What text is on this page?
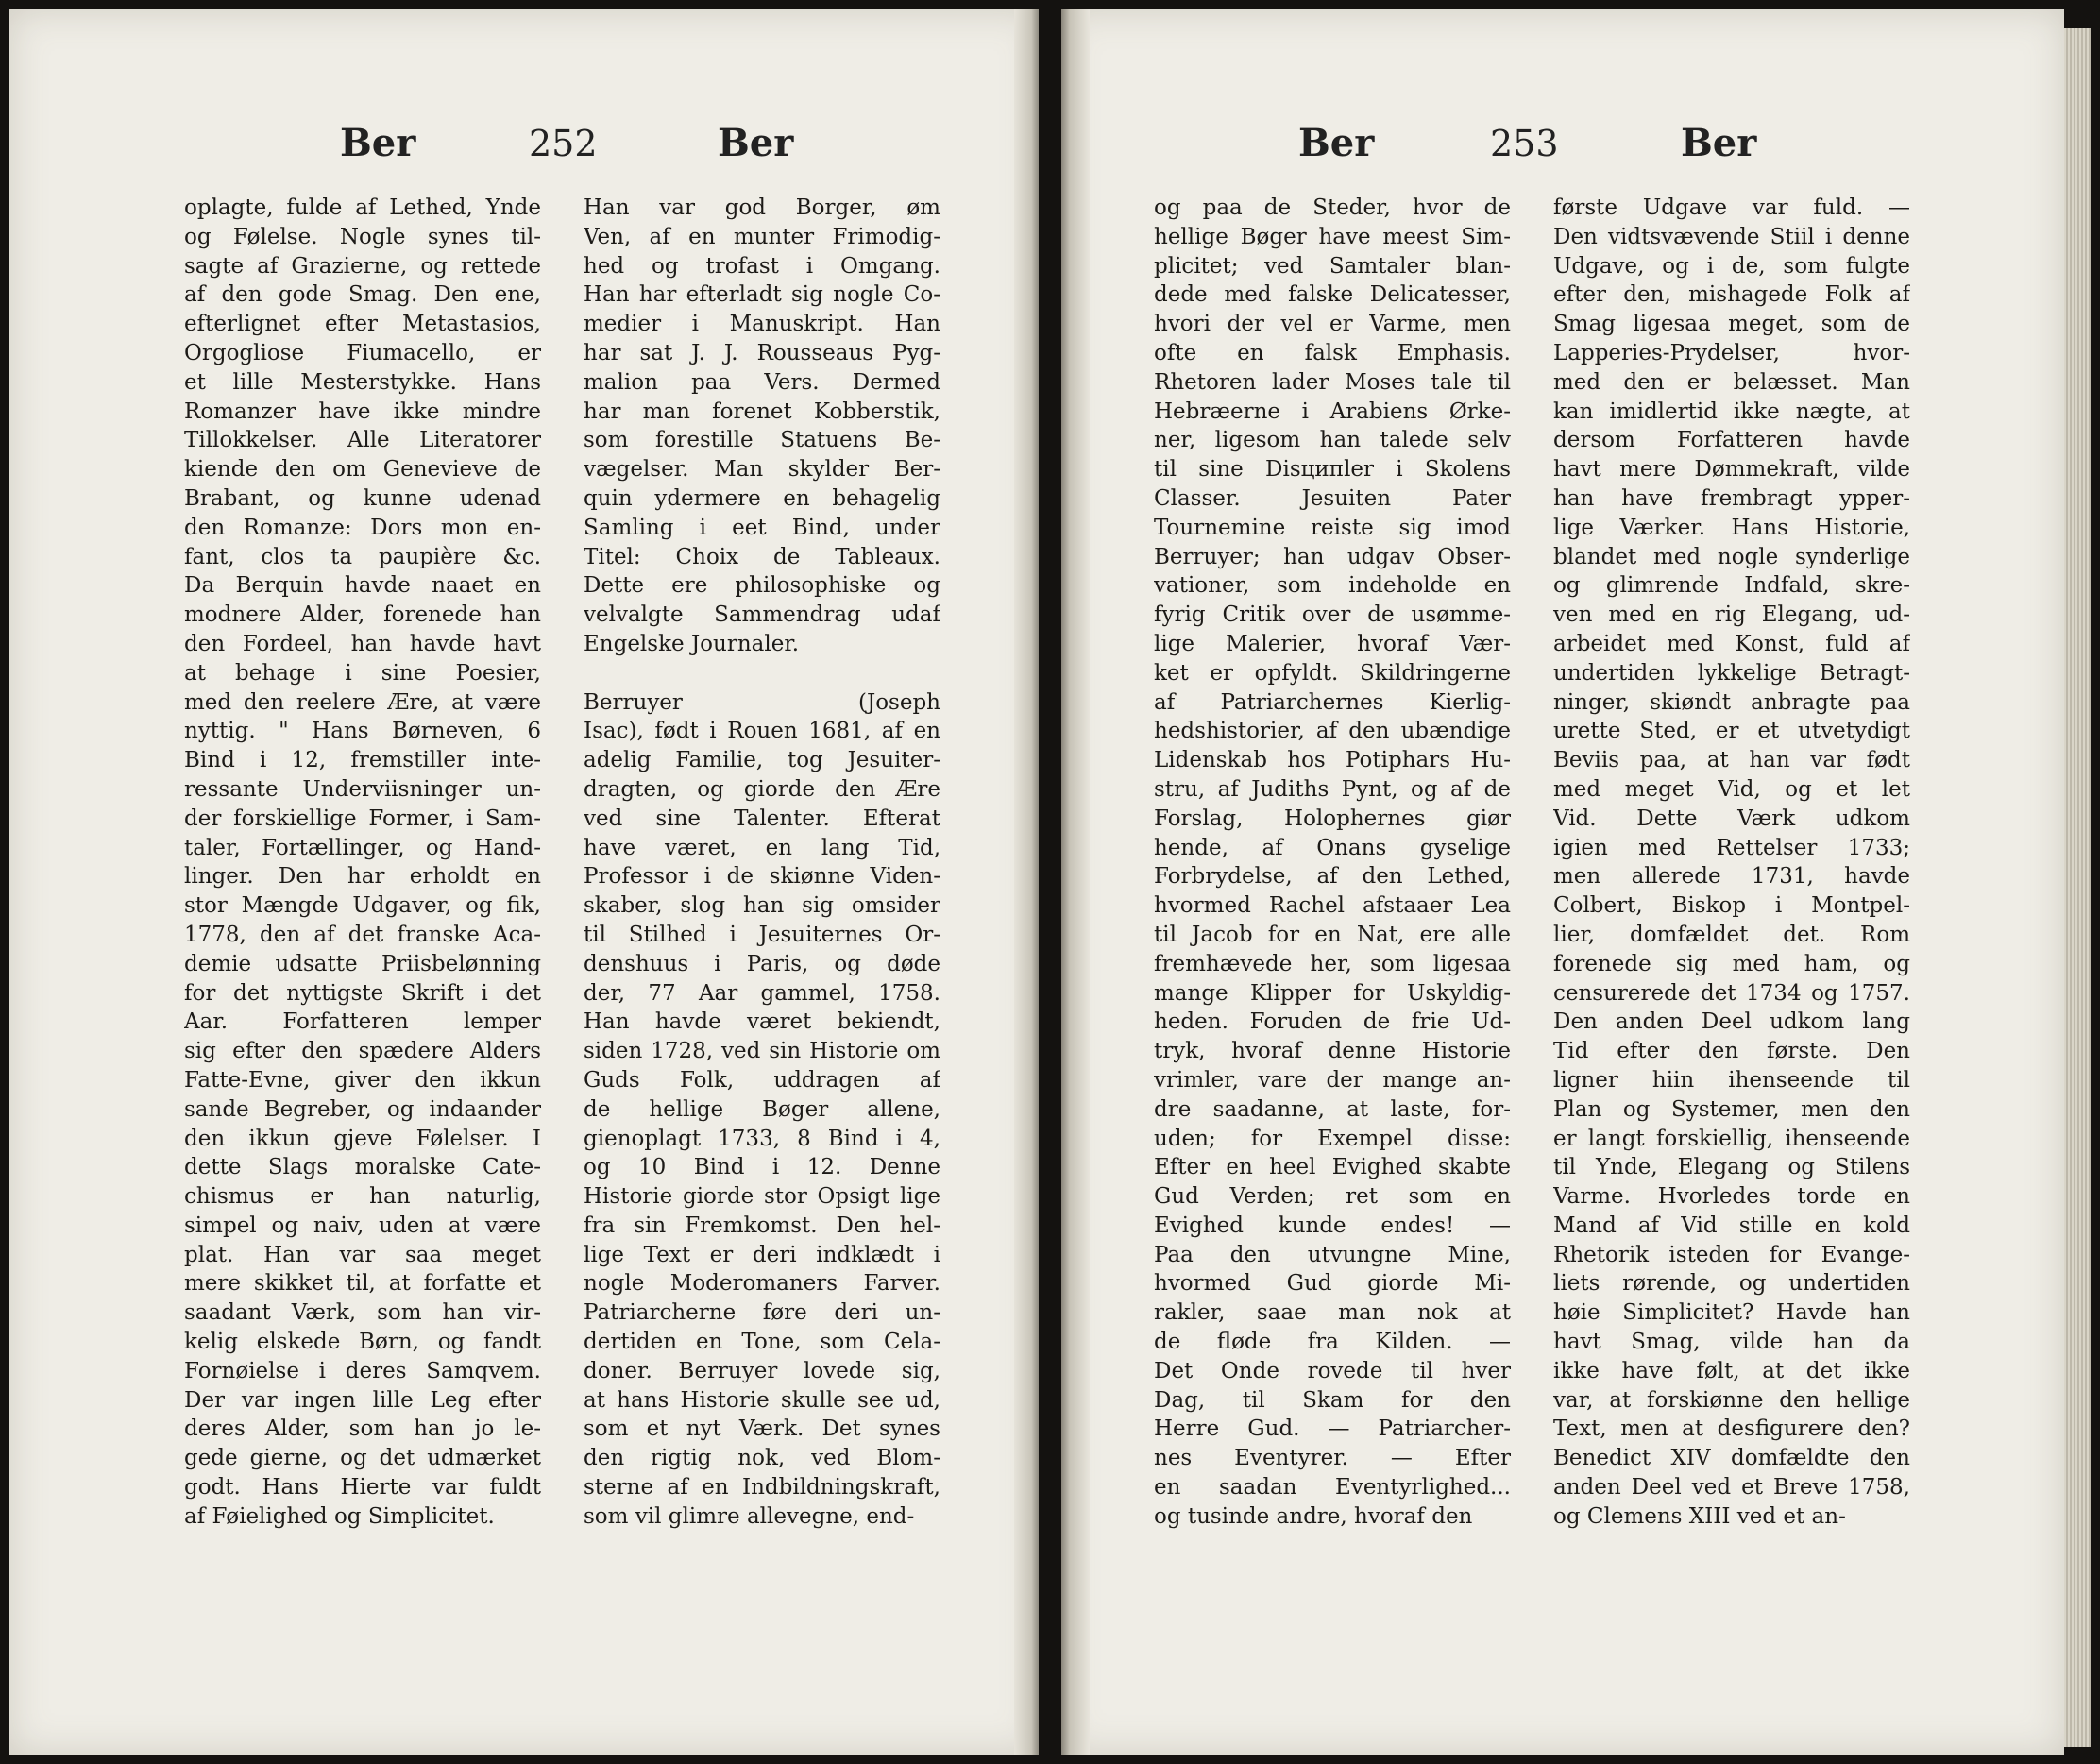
Ber	252	Ber	Ber	253	Ber
oplagte, fulde af Lethed, Ynde
og Følelse. Nogle synes til-
sagte af Grazierne, og rettede
af den gode Smag. Den ene,
efterlignet efter Metastasios,
Orgogliose Fiumacello, er
et lille Mesterstykke. Hans
Romanzer have ikke mindre
Tillokkelser. Alle Literatorer
kiende den om Genevieve de
Brabant, og kunne udenad
den Romanze: Dors mon en-
fant, clos ta paupière &c.
Da Berquin havde naaet en
modnere Alder, forenede han
den Fordeel, han havde havt
at behage i sine Poesier,
med den reelere Ære, at være
nyttig. " Hans Børneven, 6
Bind i 12, fremstiller inte-
ressante Underviisninger un-
der forskiellige Former, i Sam-
taler, Fortællinger, og Hand-
linger. Den har erholdt en
stor Mængde Udgaver, og fik,
1778, den af det franske Aca-
demie udsatte Priisbelønning
for det nyttigste Skrift i det
Aar. Forfatteren lemper
sig efter den spædere Alders
Fatte-Evne, giver den ikkun
sande Begreber, og indaander
den ikkun gjeve Følelser. I
dette Slags moralske Cate-
chismus er han naturlig,
simpel og naiv, uden at være
plat. Han var saa meget
mere skikket til, at forfatte et
saadant Værk, som han vir-
kelig elskede Børn, og fandt
Fornøielse i deres Samqvem.
Der var ingen lille Leg efter
deres Alder, som han jo le-
gede gierne, og det udmærket
godt. Hans Hierte var fuldt
af Føielighed og Simplicitet.
Han var god Borger, øm
Ven, af en munter Frimodig-
hed og trofast i Omgang.
Han har efterladt sig nogle Co-
medier i Manuskript. Han
har sat J. J. Rousseaus Pyg-
malion paa Vers. Dermed
har man forenet Kobberstik,
som forestille Statuens Be-
vægelser. Man skylder Ber-
quin ydermere en behagelig
Samling i eet Bind, under
Titel: Choix de Tableaux.
Dette ere philosophiske og
velvalgte Sammendrag udaf
Engelske Journaler.
Berruyer (Joseph
Isac), født i Rouen 1681, af en
adelig Familie, tog Jesuiter-
dragten, og giorde den Ære
ved sine Talenter. Efterat
have været, en lang Tid,
Professor i de skiønne Viden-
skaber, slog han sig omsider
til Stilhed i Jesuiternes Or-
denshuus i Paris, og døde
der, 77 Aar gammel, 1758.
Han havde været bekiendt,
siden 1728, ved sin Historie om
Guds Folk, uddragen af
de hellige Bøger allene,
gienoplagt 1733, 8 Bind i 4,
og 10 Bind i 12. Denne
Historie giorde stor Opsigt lige
fra sin Fremkomst. Den hel-
lige Text er deri indklædt i
nogle Moderomaners Farver.
Patriarcherne føre deri un-
dertiden en Tone, som Cela-
doner. Berruyer lovede sig,
at hans Historie skulle see ud,
som et nyt Værk. Det synes
den rigtig nok, ved Blom-
sterne af en Indbildningskraft,
som vil glimre allevegne, end-
og paa de Steder, hvor de
hellige Bøger have meest Sim-
plicitet; ved Samtaler blan-
dede med falske Delicatesser,
hvori der vel er Varme, men
ofte en falsk Emphasis.
Rhetoren lader Moses tale til
Hebræerne i Arabiens Ørke-
ner, ligesom han talede selv
til sine Disципler i Skolens
Classer. Jesuiten Pater
Tournemine reiste sig imod
Berruyer; han udgav Obser-
vationer, som indeholde en
fyrig Critik over de usømme-
lige Malerier, hvoraf Vær-
ket er opfyldt. Skildringerne
af Patriarchernes Kierlig-
hedshistorier, af den ubændige
Lidenskab hos Potiphars Hu-
stru, af Judiths Pynt, og af de
Forslag, Holophernes giør
hende, af Onans gyselige
Forbrydelse, af den Lethed,
hvormed Rachel afstaaer Lea
til Jacob for en Nat, ere alle
fremhævede her, som ligesaa
mange Klipper for Uskyldig-
heden. Foruden de frie Ud-
tryk, hvoraf denne Historie
vrimler, vare der mange an-
dre saadanne, at laste, for-
uden; for Exempel disse:
Efter en heel Evighed skabte
Gud Verden; ret som en
Evighed kunde endes! —
Paa den utvungne Mine,
hvormed Gud giorde Mi-
rakler, saae man nok at
de fløde fra Kilden. —
Det Onde rovede til hver
Dag, til Skam for den
Herre Gud. — Patriarcher-
nes Eventyrer. — Efter
en saadan Eventyrlighed...
og tusinde andre, hvoraf den
første Udgave var fuld. —
Den vidtsvævende Stiil i denne
Udgave, og i de, som fulgte
efter den, mishagede Folk af
Smag ligesaa meget, som de
Lapperies-Prydelser, hvor-
med den er belæsset. Man
kan imidlertid ikke nægte, at
dersom Forfatteren havde
havt mere Dømmekraft, vilde
han have frembragt ypper-
lige Værker. Hans Historie,
blandet med nogle synderlige
og glimrende Indfald, skre-
ven med en rig Elegang, ud-
arbeidet med Konst, fuld af
undertiden lykkelige Betragt-
ninger, skiøndt anbragte paa
urette Sted, er et utvetydigt
Beviis paa, at han var født
med meget Vid, og et let
Vid. Dette Værk udkom
igien med Rettelser 1733;
men allerede 1731, havde
Colbert, Biskop i Montpel-
lier, domfældet det. Rom
forenede sig med ham, og
censurerede det 1734 og 1757.
Den anden Deel udkom lang
Tid efter den første. Den
ligner hiin ihenseende til
Plan og Systemer, men den
er langt forskiellig, ihenseende
til Ynde, Elegang og Stilens
Varme. Hvorledes torde en
Mand af Vid stille en kold
Rhetorik isteden for Evange-
liets rørende, og undertiden
høie Simplicitet? Havde han
havt Smag, vilde han da
ikke have følt, at det ikke
var, at forskiønne den hellige
Text, men at desfigurere den?
Benedict XIV domfældte den
anden Deel ved et Breve 1758,
og Clemens XIII ved et an-
